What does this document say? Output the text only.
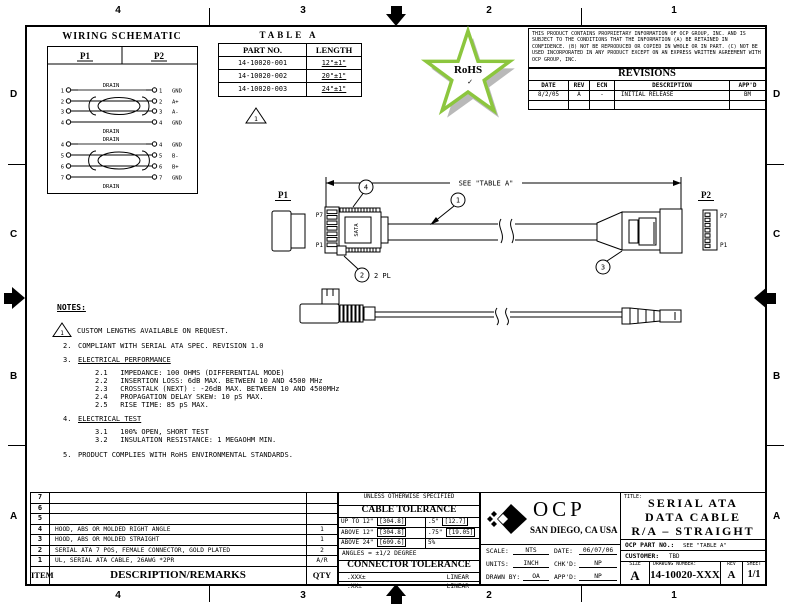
4	3	2	1
4	3	2	1
D
C
B
A
D
C
B
A
WIRING SCHEMATIC
P1	P2
DRAIN
1
2
3
4
1
2
3
4
GND
A+
A-
GND
DRAIN
DRAIN
4
5
6
7
4
5
6
7
GND
B-
B+
GND
DRAIN
TABLE A
PART NO.	LENGTH
14-10020-001	12"±1"
14-10020-002	20"±1"
14-10020-003	24"±1"
1
RoHS
✓
THIS PRODUCT CONTAINS PROPRIETARY INFORMATION OF OCP GROUP, INC. AND IS SUBJECT TO THE CONDITIONS THAT THE INFORMATION (A) BE RETAINED IN CONFIDENCE. (B) NOT BE REPRODUCED OR COPIED IN WHOLE OR IN PART. (C) NOT BE USED INCORPORATED IN ANY PRODUCT EXCEPT ON AN EXPRESS WRITTEN AGREEMENT WITH OCP GROUP, INC.
REVISIONS
DATE	REV	ECN	DESCRIPTION	APP'D
8/2/05	A	-	INITIAL RELEASE	BM
SEE "TABLE A"
P1
SATA
P7
P1
4
1
2 2 PL
3
P2
P7
P1
NOTES:
1 CUSTOM LENGTHS AVAILABLE ON REQUEST.
2. COMPLIANT WITH SERIAL ATA SPEC. REVISION 1.0
3. ELECTRICAL PERFORMANCE
2.1   IMPEDANCE: 100 OHMS (DIFFERENTIAL MODE)
2.2   INSERTION LOSS: 6dB MAX. BETWEEN 10 AND 4500 MHz
2.3   CROSSTALK (NEXT) : -26dB MAX. BETWEEN 10 AND 4500MHz
2.4   PROPAGATION DELAY SKEW: 10 pS MAX.
2.5   RISE TIME: 85 pS MAX.
4. ELECTRICAL TEST
3.1   100% OPEN, SHORT TEST
3.2   INSULATION RESISTANCE: 1 MEGAOHM MIN.
5. PRODUCT COMPLIES WITH RoHS ENVIRONMENTAL STANDARDS.
7
6
5
4	HOOD, ABS OR MOLDED RIGHT ANGLE	1
3	HOOD, ABS OR MOLDED STRAIGHT	1
2	SERIAL ATA 7 POS, FEMALE CONNECTOR, GOLD PLATED	2
1	UL, SERIAL ATA CABLE, 26AWG *2PR	A/R
ITEM	DESCRIPTION/REMARKS	QTY
UNLESS OTHERWISE SPECIFIED
CABLE TOLERANCE
UP TO 12" [304.8]	.5" [12.7]
ABOVE 12" [304.8]	.75" [19.05]
ABOVE 24" [609.6]	5%
ANGLES = ±1/2 DEGREE
CONNECTOR TOLERANCE
.XXX±	LINEAR
.XX±	LINEAR
OCP
SAN DIEGO, CA USA
SCALE:	NTS	DATE:	06/07/06
UNITS:	INCH	CHK'D:	NP
DRAWN BY:	OA	APP'D:	NP
TITLE: SERIAL ATA
DATA CABLE
R/A – STRAIGHT
OCP PART NO.: SEE "TABLE A"
CUSTOMER: TBD
SIZE
A
DRAWING NUMBER:
14-10020-XXX
REV
A
SHEET
1/1
